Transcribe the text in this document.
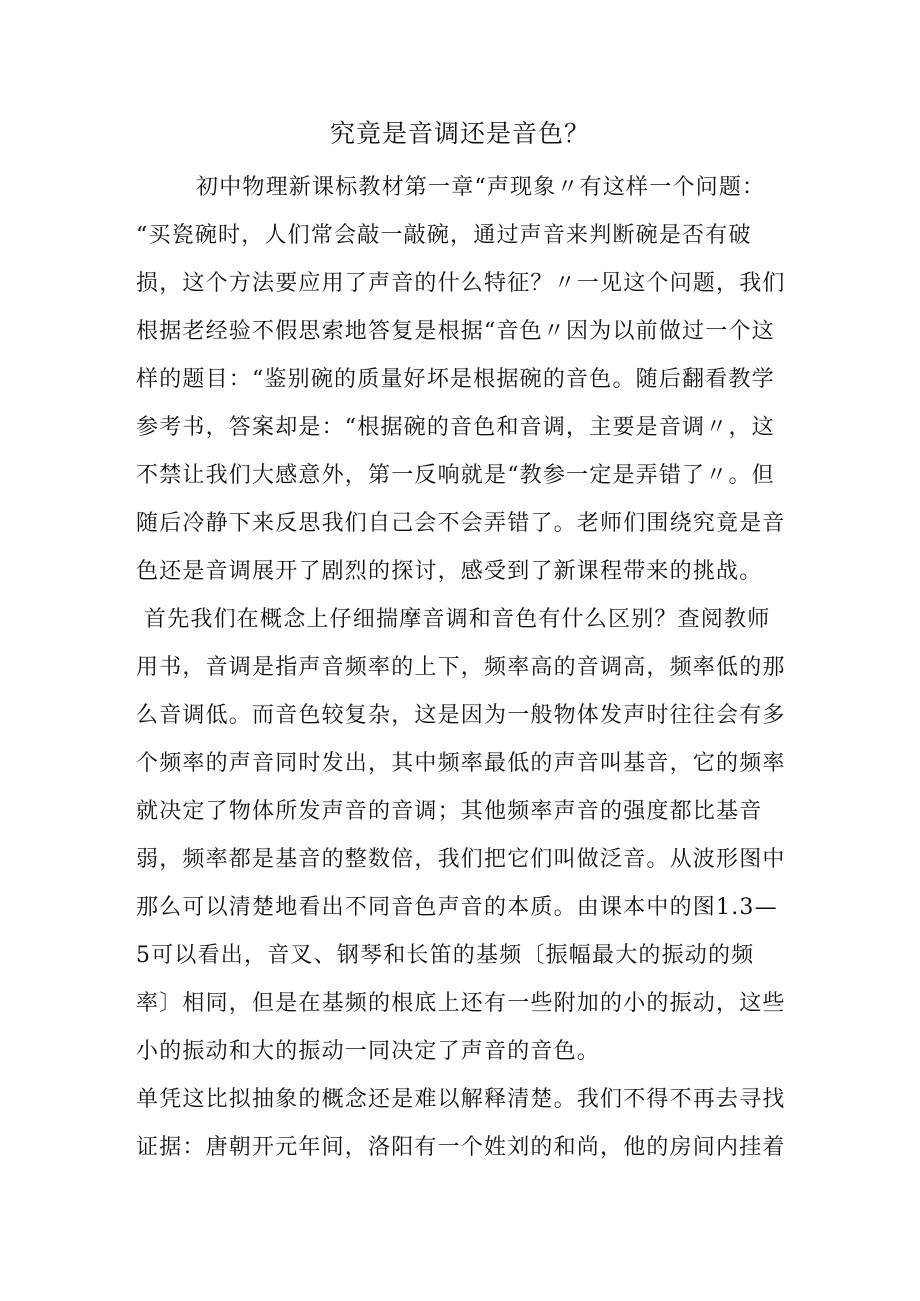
究竟是音调还是音色？
初中物理新课标教材第一章“声现象〃有这样一个问题：
“买瓷碗时，人们常会敲一敲碗，通过声音来判断碗是否有破
损，这个方法要应用了声音的什么特征？〃一见这个问题，我们
根据老经验不假思索地答复是根据“音色〃因为以前做过一个这
样的题目：“鉴别碗的质量好坏是根据碗的音色。随后翻看教学
参考书，答案却是：“根据碗的音色和音调，主要是音调〃，这
不禁让我们大感意外，第一反响就是“教参一定是弄错了〃。但
随后冷静下来反思我们自己会不会弄错了。老师们围绕究竟是音
色还是音调展开了剧烈的探讨，感受到了新课程带来的挑战。
首先我们在概念上仔细揣摩音调和音色有什么区别？查阅教师
用书，音调是指声音频率的上下，频率高的音调高，频率低的那
么音调低。而音色较复杂，这是因为一般物体发声时往往会有多
个频率的声音同时发出，其中频率最低的声音叫基音，它的频率
就决定了物体所发声音的音调；其他频率声音的强度都比基音
弱，频率都是基音的整数倍，我们把它们叫做泛音。从波形图中
那么可以清楚地看出不同音色声音的本质。由课本中的图1.3—
5可以看出，音叉、钢琴和长笛的基频〔振幅最大的振动的频
率〕相同，但是在基频的根底上还有一些附加的小的振动，这些
小的振动和大的振动一同决定了声音的音色。
单凭这比拟抽象的概念还是难以解释清楚。我们不得不再去寻找
证据：唐朝开元年间，洛阳有一个姓刘的和尚，他的房间内挂着
